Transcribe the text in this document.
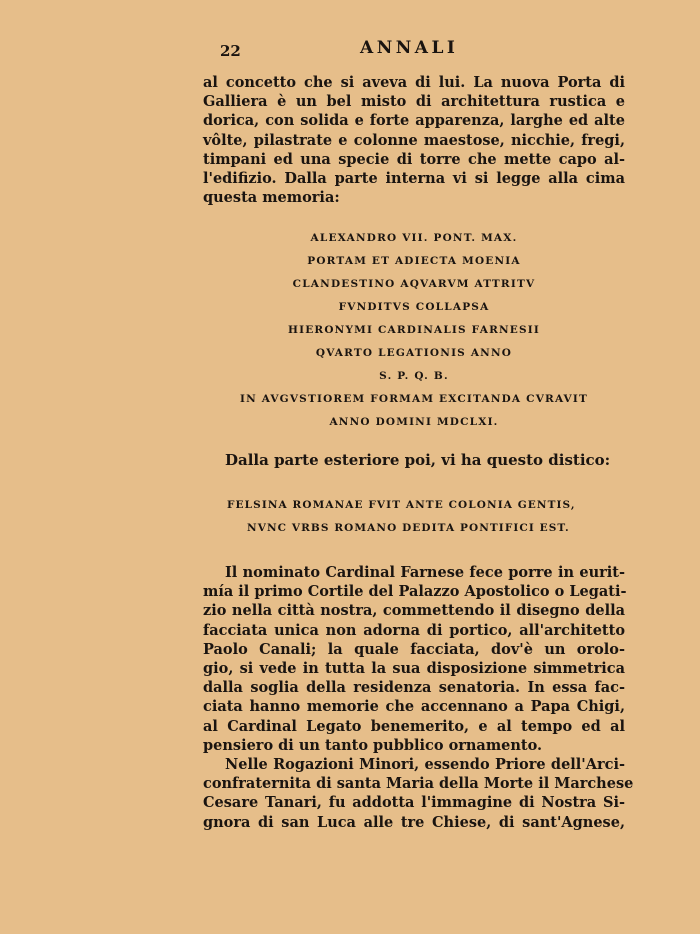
22	ANNALI

al concetto che si aveva di lui. La nuova Porta di
Galliera è un bel misto di architettura rustica e
dorica, con solida e forte apparenza, larghe ed alte
vôlte, pilastrate e colonne maestose, nicchie, fregi,
timpani ed una specie di torre che mette capo al-
l'edifizio. Dalla parte interna vi si legge alla cima
questa memoria:

ALEXANDRO VII. PONT. MAX.
PORTAM ET ADIECTA MOENIA
CLANDESTINO AQVARVM ATTRITV
FVNDITVS COLLAPSA
HIERONYMI CARDINALIS FARNESII
QVARTO LEGATIONIS ANNO
S. P. Q. B.
IN AVGVSTIOREM FORMAM EXCITANDA CVRAVIT
ANNO DOMINI MDCLXI.
Dalla parte esteriore poi, vi ha questo distico:
FELSINA ROMANAE FVIT ANTE COLONIA GENTIS,
NVNC VRBS ROMANO DEDITA PONTIFICI EST.

Il nominato Cardinal Farnese fece porre in eurit-
mía il primo Cortile del Palazzo Apostolico o Legati-
zio nella città nostra, commettendo il disegno della
facciata unica non adorna di portico, all'architetto
Paolo Canali; la quale facciata, dov'è un orolo-
gio, si vede in tutta la sua disposizione simmetrica
dalla soglia della residenza senatoria. In essa fac-
ciata hanno memorie che accennano a Papa Chigi,
al Cardinal Legato benemerito, e al tempo ed al
pensiero di un tanto pubblico ornamento.

Nelle Rogazioni Minori, essendo Priore dell'Arci-
confraternita di santa Maria della Morte il Marchese
Cesare Tanari, fu addotta l'immagine di Nostra Si-
gnora di san Luca alle tre Chiese, di sant'Agnese,
